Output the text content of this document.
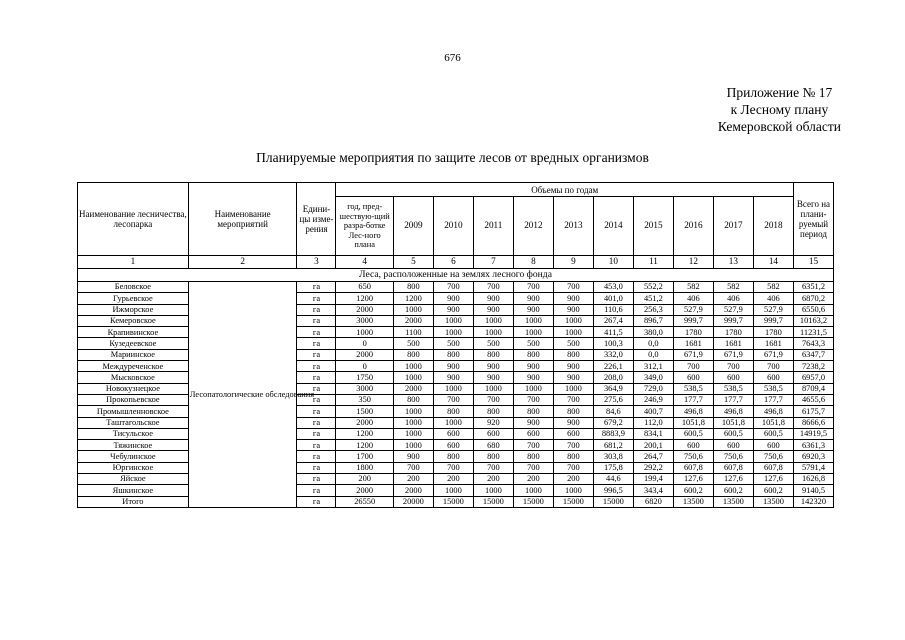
676
Приложение № 17
к Лесному плану
Кемеровской области
Планируемые мероприятия по защите лесов от вредных организмов
Наименование лесничества, лесопарка	Наименование мероприятий	Едини-цы изме-рения	Объемы по годам											Всего на плани-руемый период
			год, пред-шествую-щий разра-ботке Лес-ного плана	2009	2010	2011	2012	2013	2014	2015	2016	2017	2018	
1	2	3	4	5	6	7	8	9	10	11	12	13	14	15
Леса, расположенные на землях лесного фонда														
Беловское	Лесопатологические обследования	га	650	800	700	700	700	700	453,0	552,2	582	582	582	6351,2
Гурьевское		га	1200	1200	900	900	900	900	401,0	451,2	406	406	406	6870,2
Ижморское		га	2000	1000	900	900	900	900	110,6	256,3	527,9	527,9	527,9	6550,6
Кемеровское		га	3000	2000	1000	1000	1000	1000	267,4	896,7	999,7	999,7	999,7	10163,2
Крапивинское		га	1000	1100	1000	1000	1000	1000	411,5	380,0	1780	1780	1780	11231,5
Кузедеевское		га	0	500	500	500	500	500	100,3	0,0	1681	1681	1681	7643,3
Мариинское		га	2000	800	800	800	800	800	332,0	0,0	671,9	671,9	671,9	6347,7
Междуреченское		га	0	1000	900	900	900	900	226,1	312,1	700	700	700	7238,2
Мысковское		га	1750	1000	900	900	900	900	208,0	349,0	600	600	600	6957,0
Новокузнецкое		га	3000	2000	1000	1000	1000	1000	364,9	729,0	538,5	538,5	538,5	8709,4
Прокопьевское		га	350	800	700	700	700	700	275,6	246,9	177,7	177,7	177,7	4655,6
Промышленновское		га	1500	1000	800	800	800	800	84,6	400,7	496,8	496,8	496,8	6175,7
Таштагольское		га	2000	1000	1000	920	900	900	679,2	112,0	1051,8	1051,8	1051,8	8666,6
Тисульское		га	1200	1000	600	600	600	600	8883,9	834,1	600,5	600,5	600,5	14919,5
Тяжинское		га	1200	1000	600	680	700	700	681,2	200,1	600	600	600	6361,3
Чебулинское		га	1700	900	800	800	800	800	303,8	264,7	750,6	750,6	750,6	6920,3
Юргинское		га	1800	700	700	700	700	700	175,8	292,2	607,8	607,8	607,8	5791,4
Яйское		га	200	200	200	200	200	200	44,6	199,4	127,6	127,6	127,6	1626,8
Яшкинское		га	2000	2000	1000	1000	1000	1000	996,5	343,4	600,2	600,2	600,2	9140,5
Итого		га	26550	20000	15000	15000	15000	15000	15000	6820	13500	13500	13500	142320
